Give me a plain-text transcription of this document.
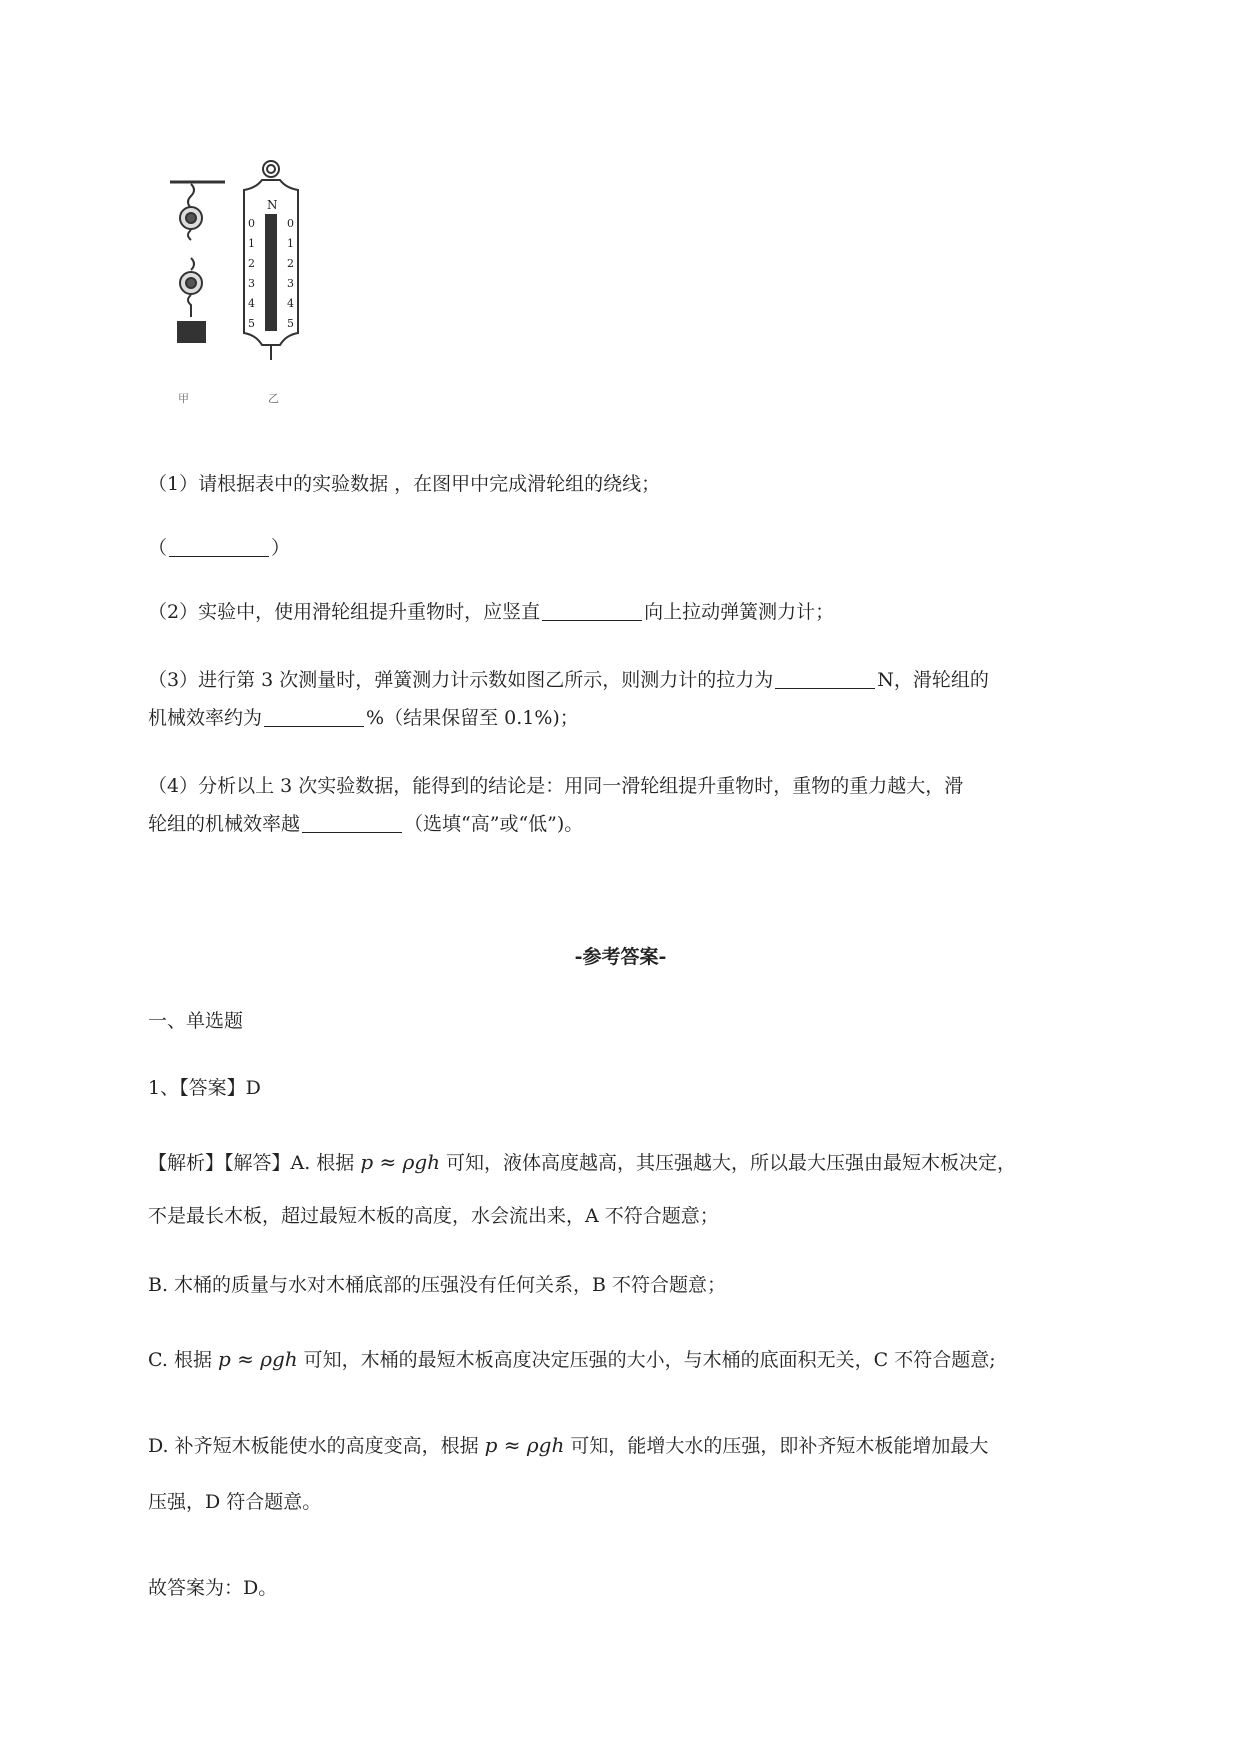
甲	乙
N
0
1
2
3
4
5
0
1
2
3
4
5
（1）请根据表中的实验数据 ，在图甲中完成滑轮组的绕线；
（	）
（2）实验中，使用滑轮组提升重物时，应竖直	向上拉动弹簧测力计；
（3）进行第 3 次测量时，弹簧测力计示数如图乙所示，则测力计的拉力为	N，滑轮组的
机械效率约为	%（结果保留至 0.1%)；
（4）分析以上 3 次实验数据，能得到的结论是：用同一滑轮组提升重物时，重物的重力越大，滑
轮组的机械效率越	（选填“高”或“低”)。
-参考答案-
一、单选题
1、【答案】D
【解析】【解答】A. 根据 p ≈ ρgh 可知，液体高度越高，其压强越大，所以最大压强由最短木板决定，
不是最长木板，超过最短木板的高度，水会流出来，A 不符合题意；
B. 木桶的质量与水对木桶底部的压强没有任何关系，B 不符合题意；
C. 根据 p ≈ ρgh 可知，木桶的最短木板高度决定压强的大小，与木桶的底面积无关，C 不符合题意;
D. 补齐短木板能使水的高度变高，根据 p ≈ ρgh 可知，能增大水的压强，即补齐短木板能增加最大
压强，D 符合题意。
故答案为：D。
